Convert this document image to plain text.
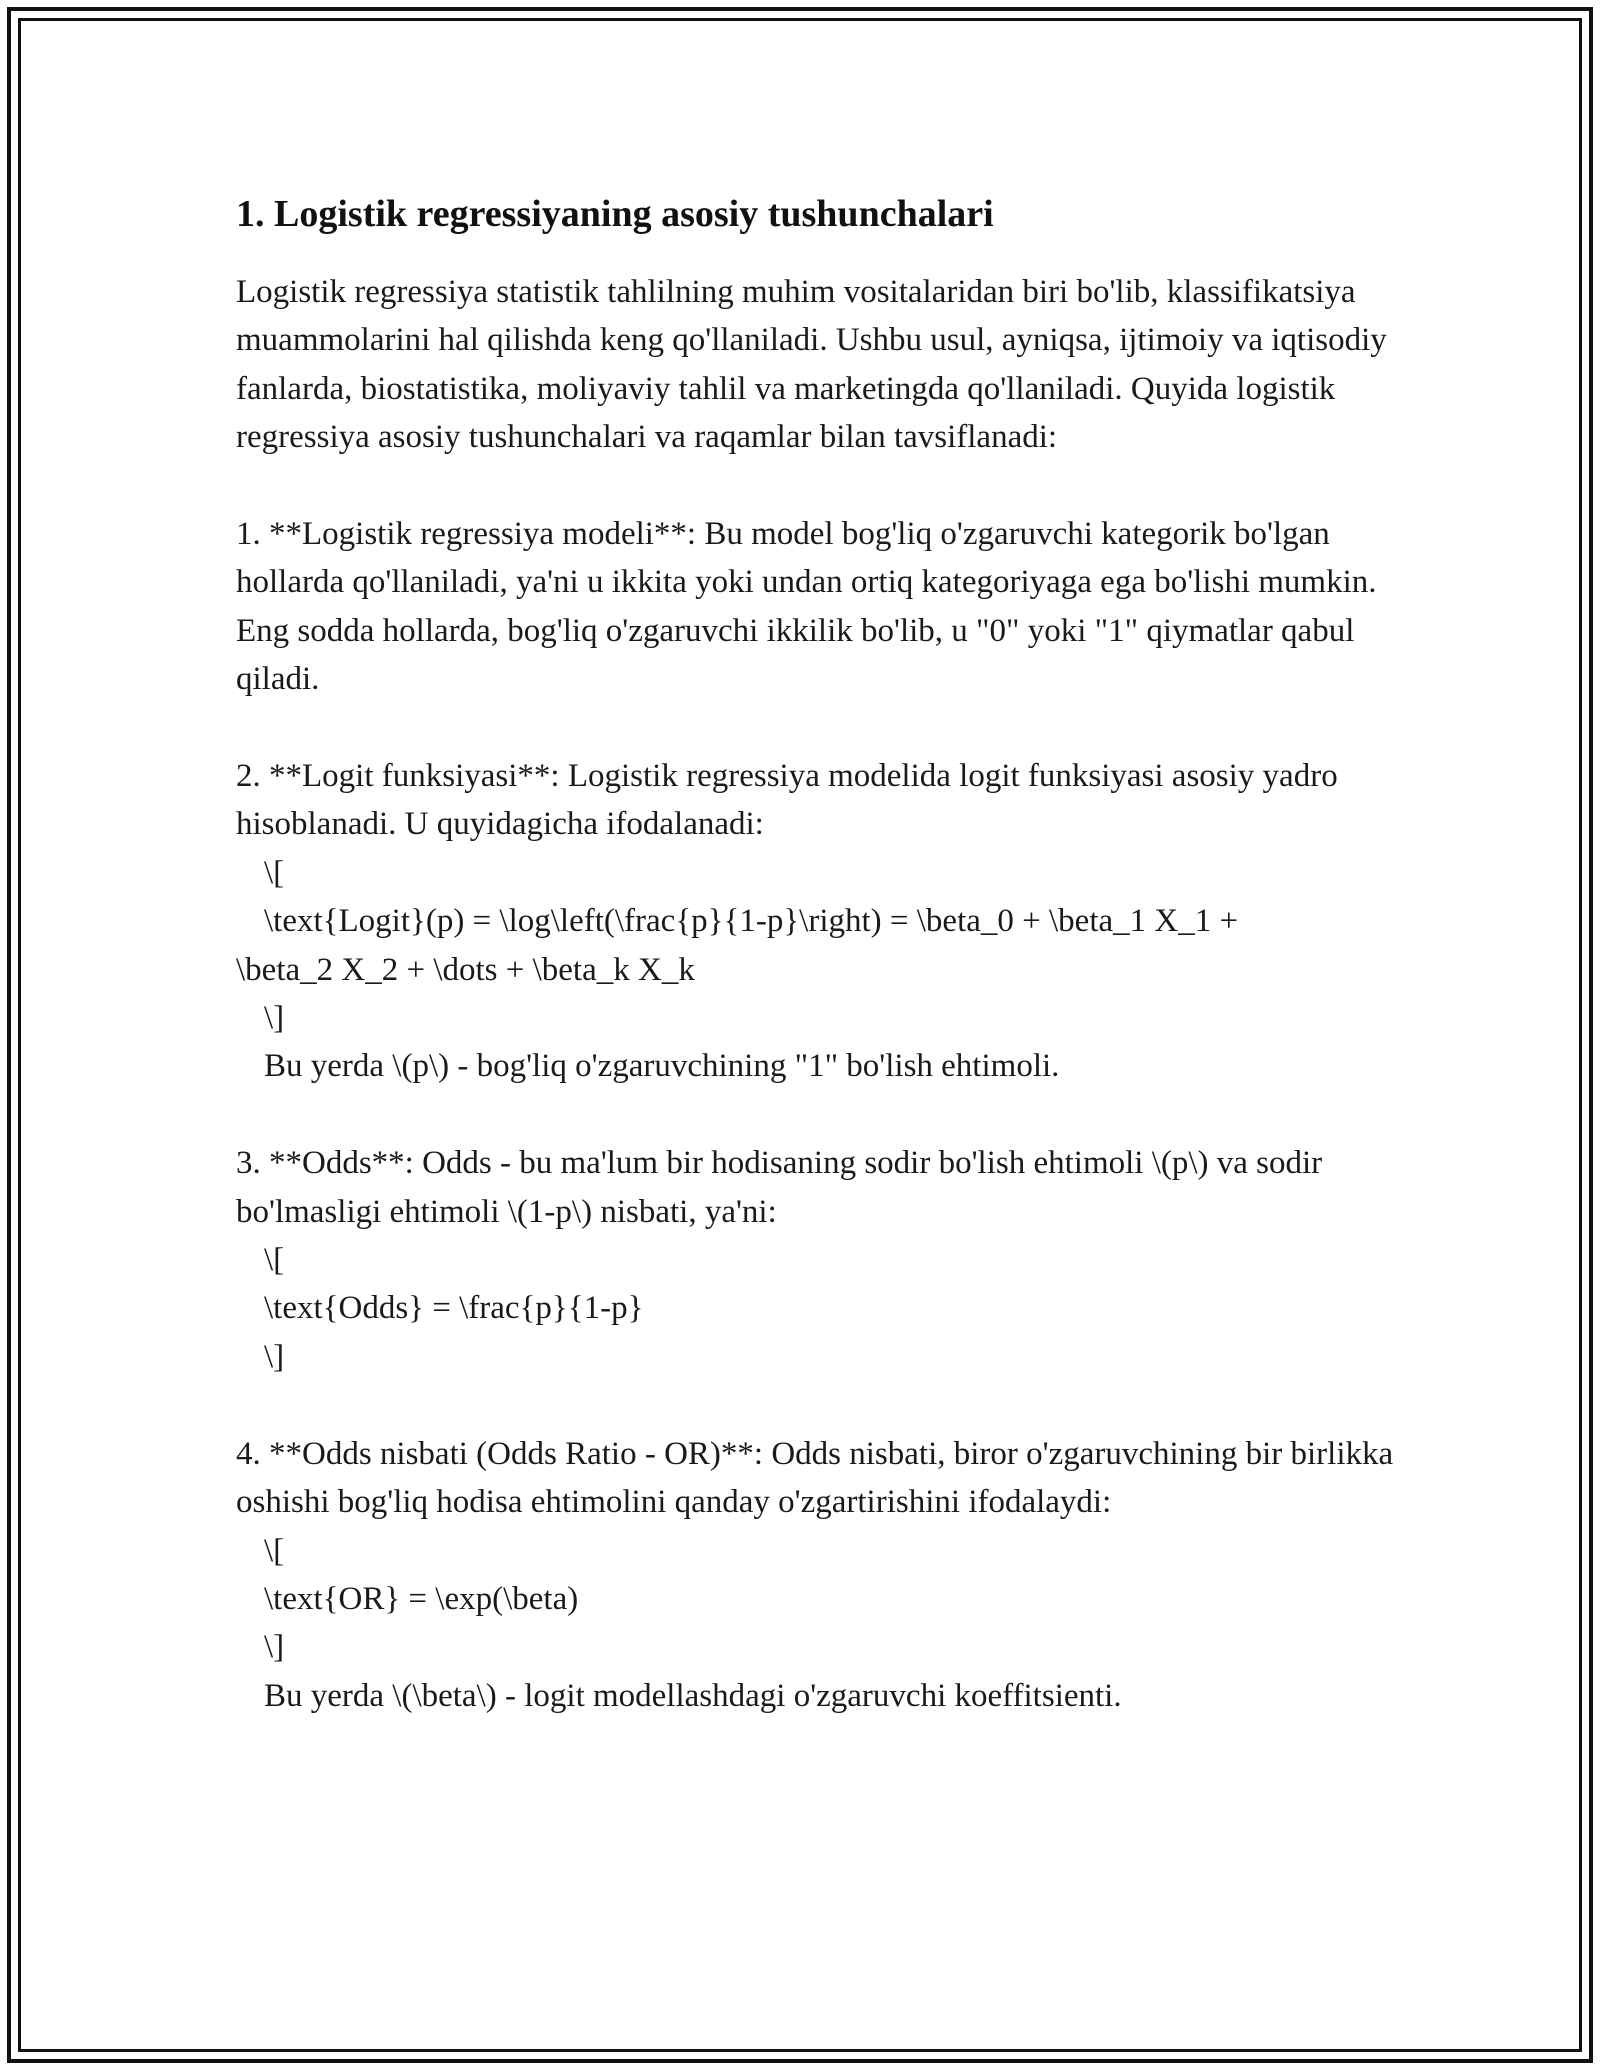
1. Logistik regressiyaning asosiy tushunchalari

Logistik regressiya statistik tahlilning muhim vositalaridan biri bo'lib, klassifikatsiya muammolarini hal qilishda keng qo'llaniladi. Ushbu usul, ayniqsa, ijtimoiy va iqtisodiy fanlarda, biostatistika, moliyaviy tahlil va marketingda qo'llaniladi. Quyida logistik regressiya asosiy tushunchalari va raqamlar bilan tavsiflanadi:

1. **Logistik regressiya modeli**: Bu model bog'liq o'zgaruvchi kategorik bo'lgan hollarda qo'llaniladi, ya'ni u ikkita yoki undan ortiq kategoriyaga ega bo'lishi mumkin. Eng sodda hollarda, bog'liq o'zgaruvchi ikkilik bo'lib, u "0" yoki "1" qiymatlar qabul qiladi.

2. **Logit funksiyasi**: Logistik regressiya modelida logit funksiyasi asosiy yadro hisoblanadi. U quyidagicha ifodalanadi:

\[

\text{Logit}(p) = \log\left(\frac{p}{1-p}\right) = \beta_0 + \beta_1 X_1 +

\beta_2 X_2 + \dots + \beta_k X_k

\]

Bu yerda \(p\) - bog'liq o'zgaruvchining "1" bo'lish ehtimoli.

3. **Odds**: Odds - bu ma'lum bir hodisaning sodir bo'lish ehtimoli \(p\) va sodir bo'lmasligi ehtimoli \(1-p\) nisbati, ya'ni:

\[

\text{Odds} = \frac{p}{1-p}

\]

4. **Odds nisbati (Odds Ratio - OR)**: Odds nisbati, biror o'zgaruvchining bir birlikka oshishi bog'liq hodisa ehtimolini qanday o'zgartirishini ifodalaydi:

\[

\text{OR} = \exp(\beta)

\]

Bu yerda \(\beta\) - logit modellashdagi o'zgaruvchi koeffitsienti.
